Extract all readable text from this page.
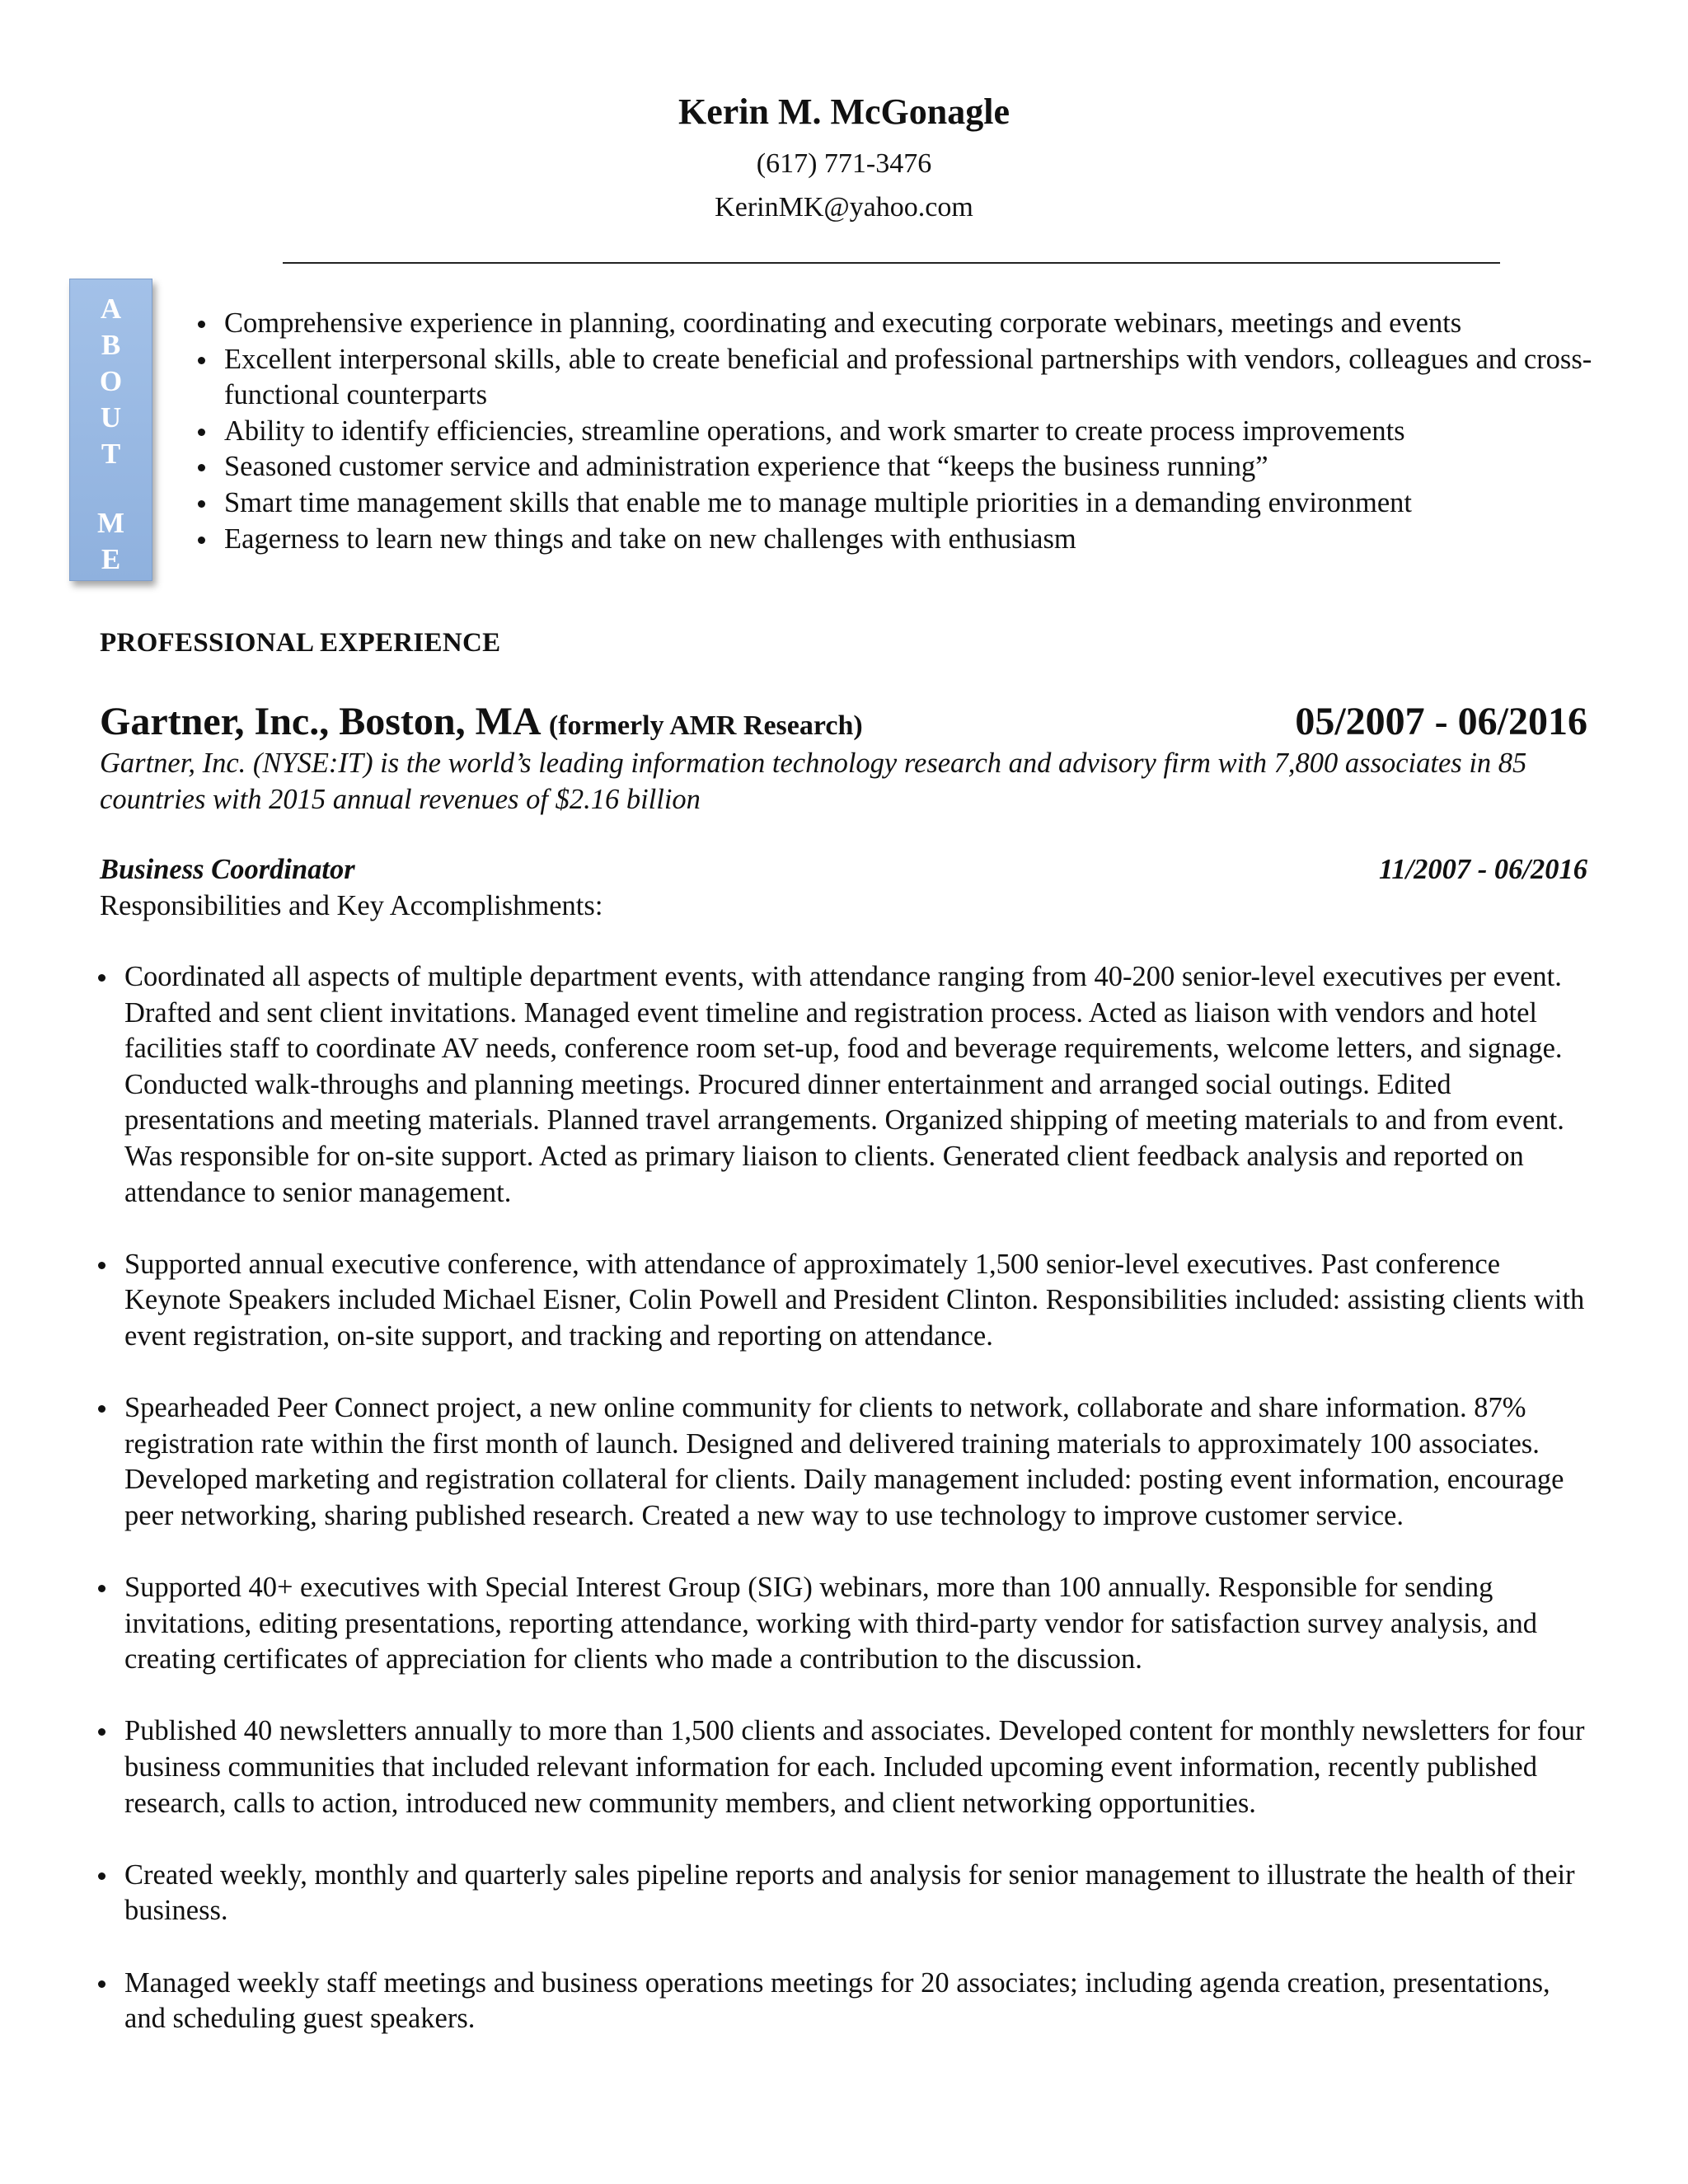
Kerin M. McGonagle
(617) 771-3476
KerinMK@yahoo.com
A
B
O
U
T
M
E
Comprehensive experience in planning, coordinating and executing corporate webinars, meetings and events
Excellent interpersonal skills, able to create beneficial and professional partnerships with vendors, colleagues and cross-functional counterparts
Ability to identify efficiencies, streamline operations, and work smarter to create process improvements
Seasoned customer service and administration experience that “keeps the business running”
Smart time management skills that enable me to manage multiple priorities in a demanding environment
Eagerness to learn new things and take on new challenges with enthusiasm
PROFESSIONAL EXPERIENCE
Gartner, Inc., Boston, MA (formerly AMR Research)	05/2007 - 06/2016
Gartner, Inc. (NYSE:IT) is the world’s leading information technology research and advisory firm with 7,800 associates in 85 countries with 2015 annual revenues of $2.16 billion
Business Coordinator	11/2007 - 06/2016
Responsibilities and Key Accomplishments:
Coordinated all aspects of multiple department events, with attendance ranging from 40-200 senior-level executives per event. Drafted and sent client invitations. Managed event timeline and registration process. Acted as liaison with vendors and hotel facilities staff to coordinate AV needs, conference room set-up, food and beverage requirements, welcome letters, and signage. Conducted walk-throughs and planning meetings. Procured dinner entertainment and arranged social outings. Edited presentations and meeting materials. Planned travel arrangements. Organized shipping of meeting materials to and from event. Was responsible for on-site support. Acted as primary liaison to clients. Generated client feedback analysis and reported on attendance to senior management.
Supported annual executive conference, with attendance of approximately 1,500 senior-level executives. Past conference Keynote Speakers included Michael Eisner, Colin Powell and President Clinton. Responsibilities included: assisting clients with event registration, on-site support, and tracking and reporting on attendance.
Spearheaded Peer Connect project, a new online community for clients to network, collaborate and share information. 87% registration rate within the first month of launch. Designed and delivered training materials to approximately 100 associates. Developed marketing and registration collateral for clients. Daily management included: posting event information, encourage peer networking, sharing published research. Created a new way to use technology to improve customer service.
Supported 40+ executives with Special Interest Group (SIG) webinars, more than 100 annually. Responsible for sending invitations, editing presentations, reporting attendance, working with third-party vendor for satisfaction survey analysis, and creating certificates of appreciation for clients who made a contribution to the discussion.
Published 40 newsletters annually to more than 1,500 clients and associates. Developed content for monthly newsletters for four business communities that included relevant information for each. Included upcoming event information, recently published research, calls to action, introduced new community members, and client networking opportunities.
Created weekly, monthly and quarterly sales pipeline reports and analysis for senior management to illustrate the health of their business.
Managed weekly staff meetings and business operations meetings for 20 associates; including agenda creation, presentations, and scheduling guest speakers.
